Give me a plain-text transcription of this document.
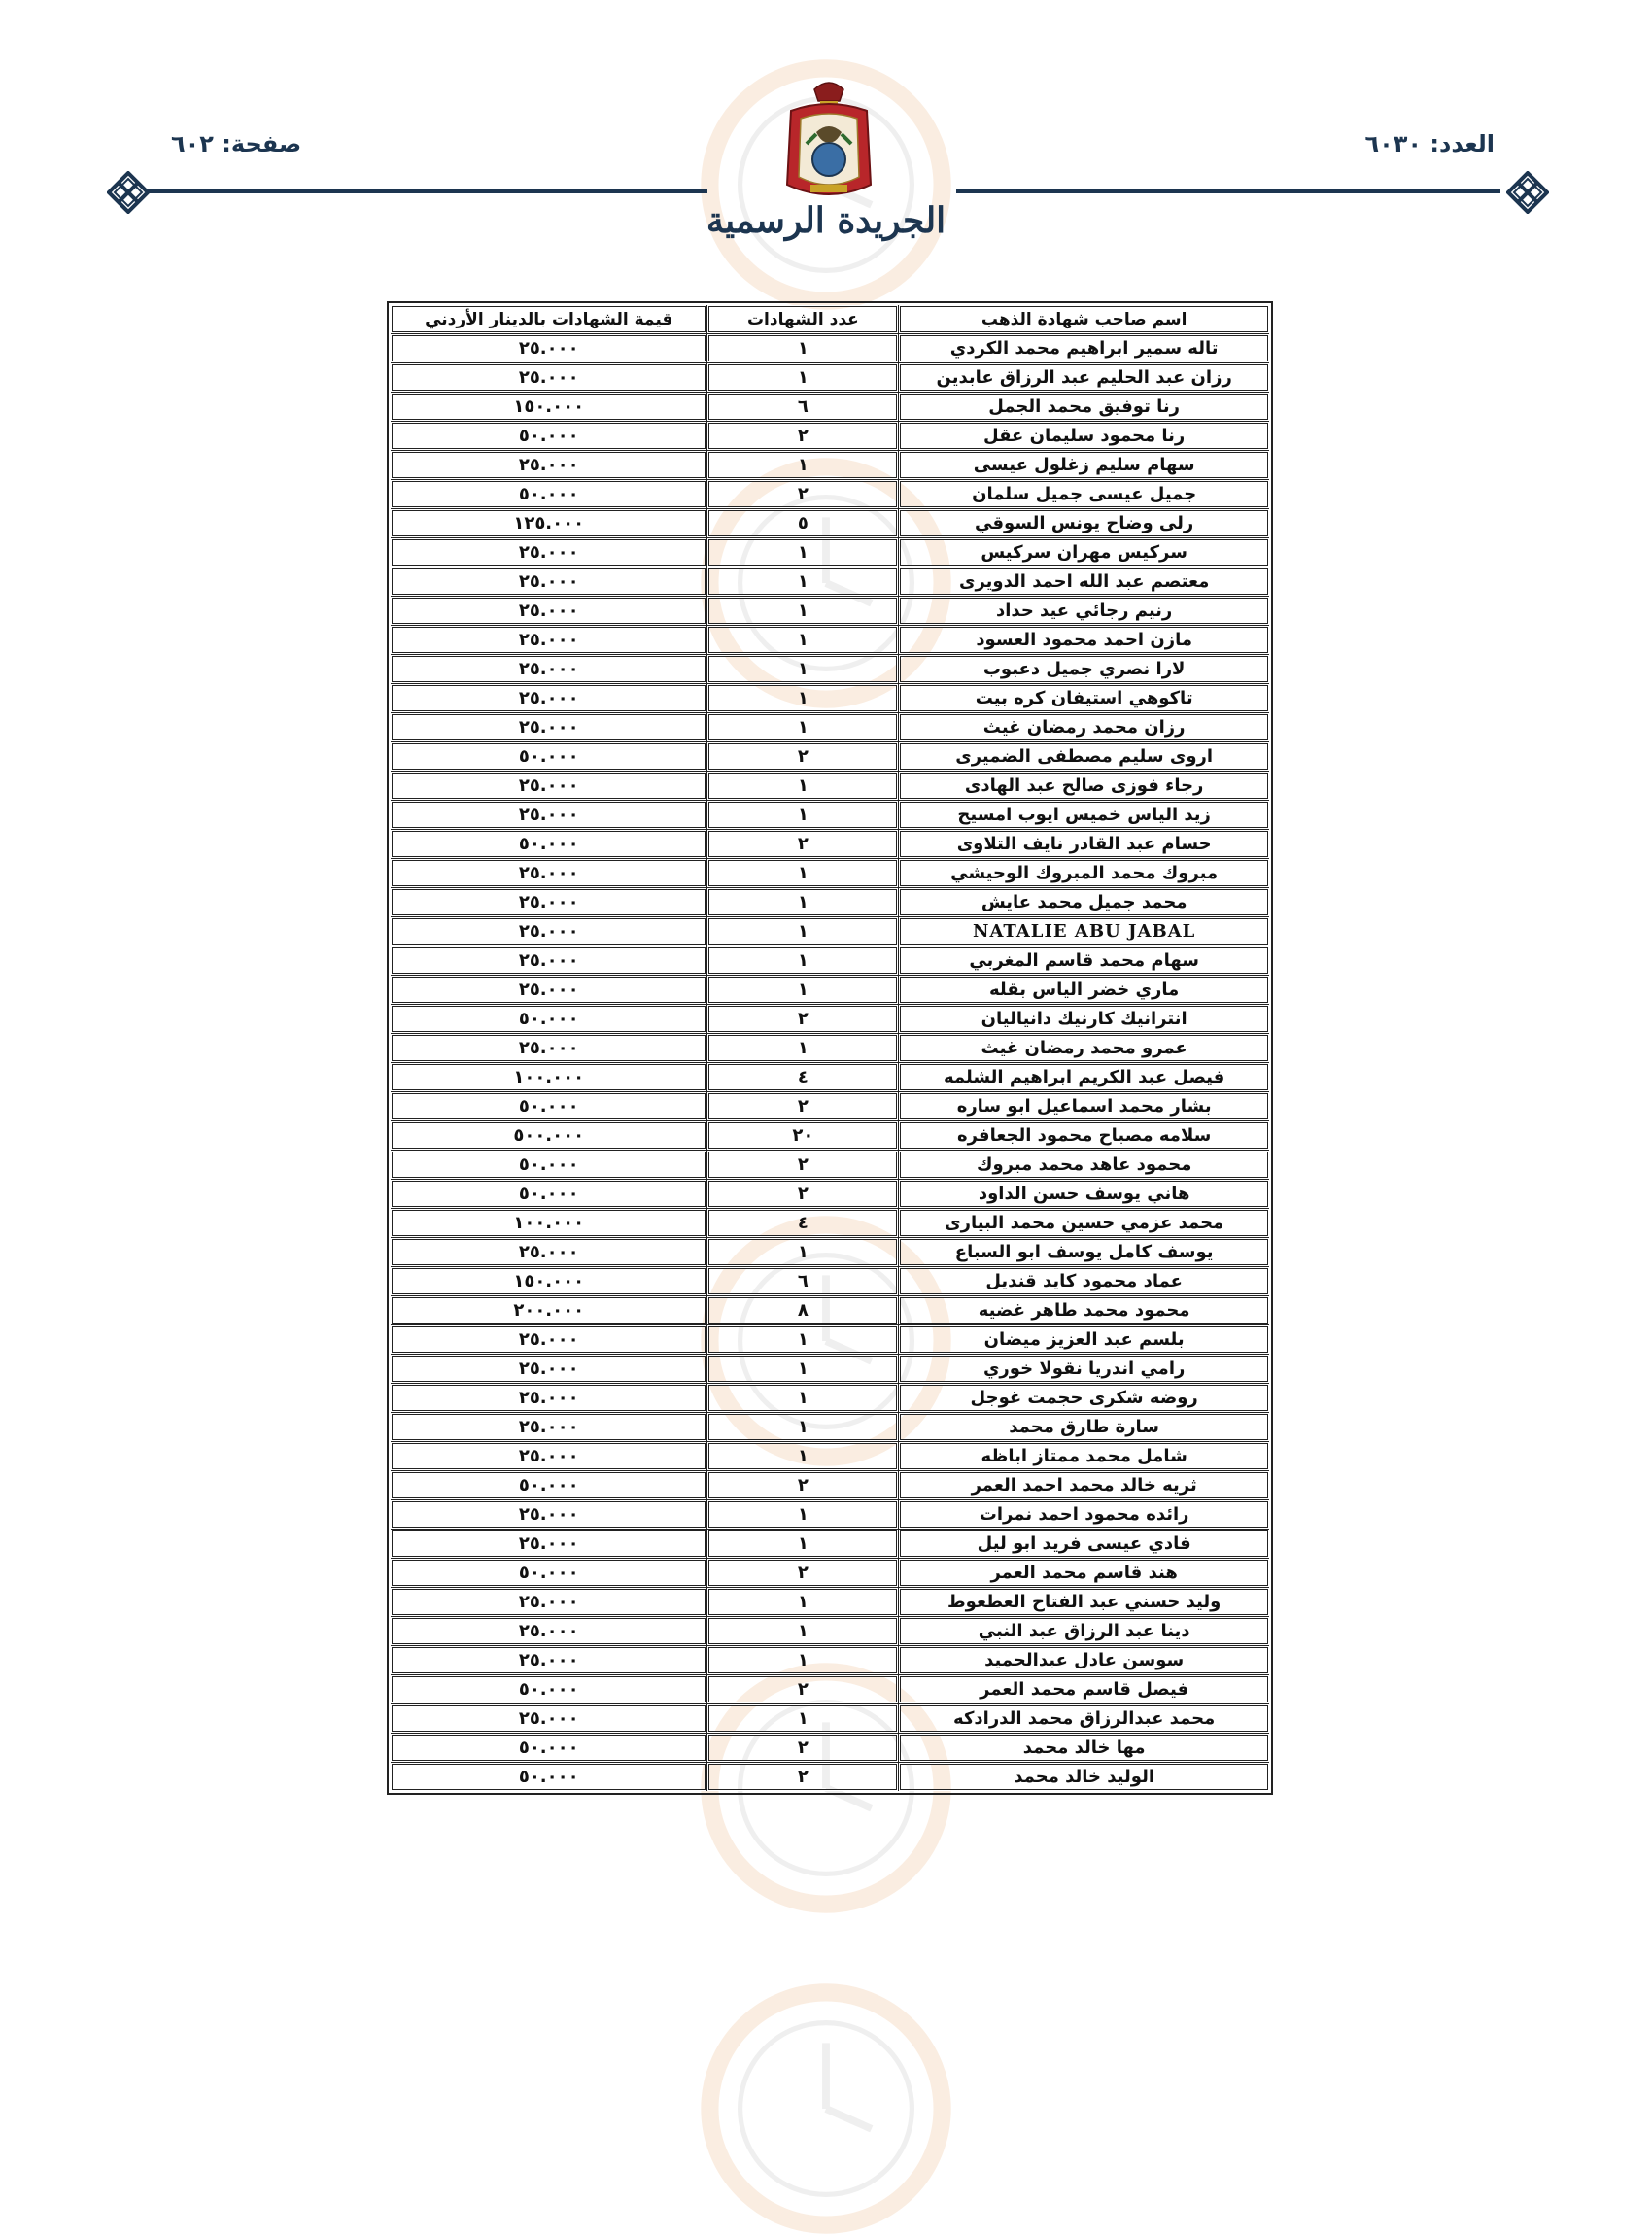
العدد: ٦٠٣٠
صفحة: ٦٠٢
الجريدة الرسمية
اسم صاحب شهادة الذهب	عدد الشهادات	قيمة الشهادات بالدينار الأردني
تاله سمير ابراهيم محمد الكردي	١	٢٥.٠٠٠
رزان عبد الحليم عبد الرزاق عابدين	١	٢٥.٠٠٠
رنا توفيق محمد الجمل	٦	١٥٠.٠٠٠
رنا محمود سليمان عقل	٢	٥٠.٠٠٠
سهام سليم زغلول عيسى	١	٢٥.٠٠٠
جميل عيسى جميل سلمان	٢	٥٠.٠٠٠
رلى وضاح يونس السوقي	٥	١٢٥.٠٠٠
سركيس مهران سركيس	١	٢٥.٠٠٠
معتصم عبد الله احمد الدويرى	١	٢٥.٠٠٠
رنيم رجائي عيد حداد	١	٢٥.٠٠٠
مازن احمد محمود العسود	١	٢٥.٠٠٠
لارا نصري جميل دعبوب	١	٢٥.٠٠٠
تاكوهي استيفان كره بيت	١	٢٥.٠٠٠
رزان محمد رمضان غيث	١	٢٥.٠٠٠
اروى سليم مصطفى الضميرى	٢	٥٠.٠٠٠
رجاء فوزى صالح عبد الهادى	١	٢٥.٠٠٠
زيد الياس خميس ايوب امسيح	١	٢٥.٠٠٠
حسام عبد القادر نايف التلاوى	٢	٥٠.٠٠٠
مبروك محمد المبروك الوحيشي	١	٢٥.٠٠٠
محمد جميل محمد عايش	١	٢٥.٠٠٠
NATALIE ABU JABAL	١	٢٥.٠٠٠
سهام محمد قاسم المغربي	١	٢٥.٠٠٠
ماري خضر الياس بقله	١	٢٥.٠٠٠
انترانيك كارنيك دانياليان	٢	٥٠.٠٠٠
عمرو محمد رمضان غيث	١	٢٥.٠٠٠
فيصل عبد الكريم ابراهيم الشلمه	٤	١٠٠.٠٠٠
بشار محمد اسماعيل ابو ساره	٢	٥٠.٠٠٠
سلامه مصباح محمود الجعافره	٢٠	٥٠٠.٠٠٠
محمود عاهد محمد مبروك	٢	٥٠.٠٠٠
هاني يوسف حسن الداود	٢	٥٠.٠٠٠
محمد عزمي حسين محمد البيارى	٤	١٠٠.٠٠٠
يوسف كامل يوسف ابو السباع	١	٢٥.٠٠٠
عماد محمود كايد قنديل	٦	١٥٠.٠٠٠
محمود محمد طاهر غضيه	٨	٢٠٠.٠٠٠
بلسم عبد العزيز ميضان	١	٢٥.٠٠٠
رامي اندريا نقولا خوري	١	٢٥.٠٠٠
روضه شكرى حجمت غوجل	١	٢٥.٠٠٠
سارة طارق محمد	١	٢٥.٠٠٠
شامل محمد ممتاز اباظه	١	٢٥.٠٠٠
ثريه خالد محمد احمد العمر	٢	٥٠.٠٠٠
رائده محمود احمد نمرات	١	٢٥.٠٠٠
فادي عيسى فريد ابو ليل	١	٢٥.٠٠٠
هند قاسم محمد العمر	٢	٥٠.٠٠٠
وليد حسني عبد الفتاح العطعوط	١	٢٥.٠٠٠
دينا عبد الرزاق عبد النبي	١	٢٥.٠٠٠
سوسن عادل عبدالحميد	١	٢٥.٠٠٠
فيصل قاسم محمد العمر	٢	٥٠.٠٠٠
محمد عبدالرزاق محمد الدرادكه	١	٢٥.٠٠٠
مها خالد محمد	٢	٥٠.٠٠٠
الوليد خالد محمد	٢	٥٠.٠٠٠
